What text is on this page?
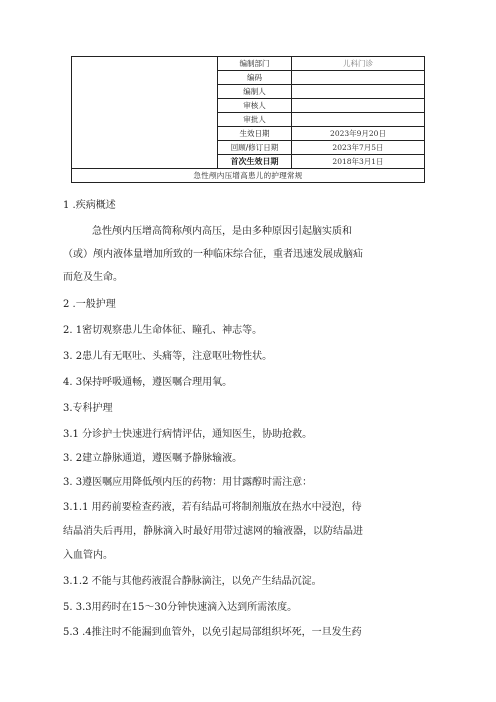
	编制部门	儿科门诊
	编码	
	编制人	
	审核人	
	审批人	
	生效日期	2023年9月20日
	回顾/修订日期	2023年7月5日
	首次生效日期	2018年3月1日
急性颅内压增高患儿的护理常规		
1 .疾病概述
急性颅内压增高简称颅内高压，是由多种原因引起脑实质和
（或）颅内液体量增加所致的一种临床综合征，重者迅速发展成脑疝
而危及生命。
2 .一般护理
2. 1密切观察患儿生命体征、瞳孔、神志等。
3. 2患儿有无呕吐、头痛等，注意呕吐物性状。
4. 3保持呼吸通畅，遵医嘱合理用氧。
3.专科护理
3.1 分诊护士快速进行病情评估，通知医生，协助抢救。
3. 2建立静脉通道，遵医嘱予静脉输液。
3. 3遵医嘱应用降低颅内压的药物：用甘露醇时需注意：
3.1.1 用药前要检查药液，若有结晶可将制剂瓶放在热水中浸泡，待
结晶消失后再用，静脉滴入时最好用带过滤网的输液器，以防结晶进
入血管内。
3.1.2 不能与其他药液混合静脉滴注，以免产生结晶沉淀。
5. 3.3用药时在15〜30分钟快速滴入达到所需浓度。
5.3 .4推注时不能漏到血管外，以免引起局部组织坏死，一旦发生药
